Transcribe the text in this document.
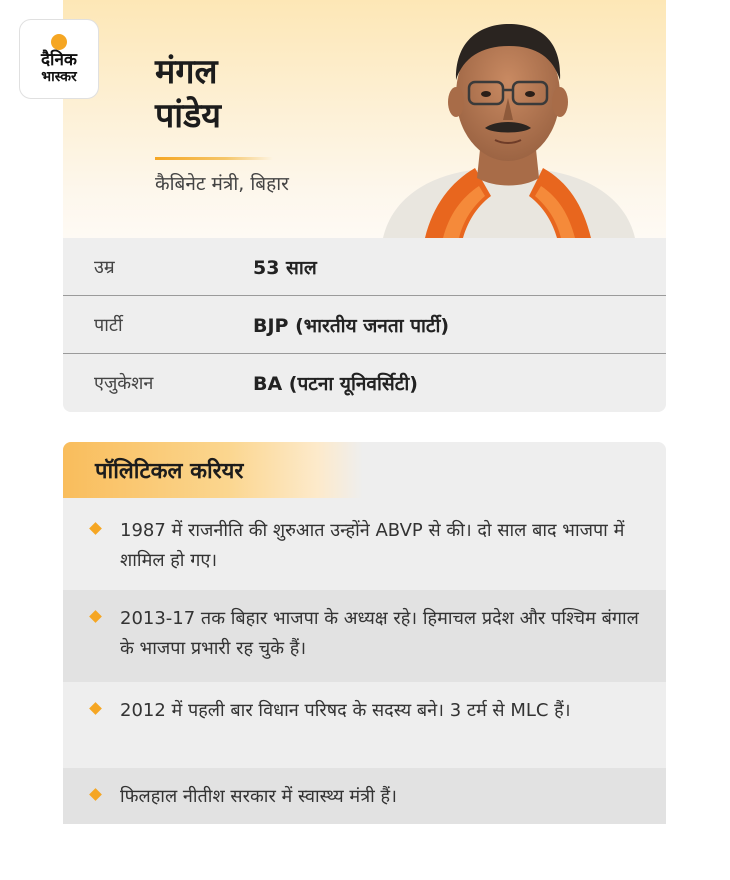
दैनिक
भास्कर मंगल
पांडेय
कैबिनेट मंत्री, बिहार
उम्र	53 साल
पार्टी	BJP (भारतीय जनता पार्टी)
एजुकेशन	BA (पटना यूनिवर्सिटी)
पॉलिटिकल करियर
1987 में राजनीति की शुरुआत उन्होंने ABVP से की। दो साल बाद भाजपा में शामिल हो गए।
2013-17 तक बिहार भाजपा के अध्यक्ष रहे। हिमाचल प्रदेश और पश्चिम बंगाल के भाजपा प्रभारी रह चुके हैं।
2012 में पहली बार विधान परिषद के सदस्य बने। 3 टर्म से MLC हैं।
फिलहाल नीतीश सरकार में स्वास्थ्य मंत्री हैं।
